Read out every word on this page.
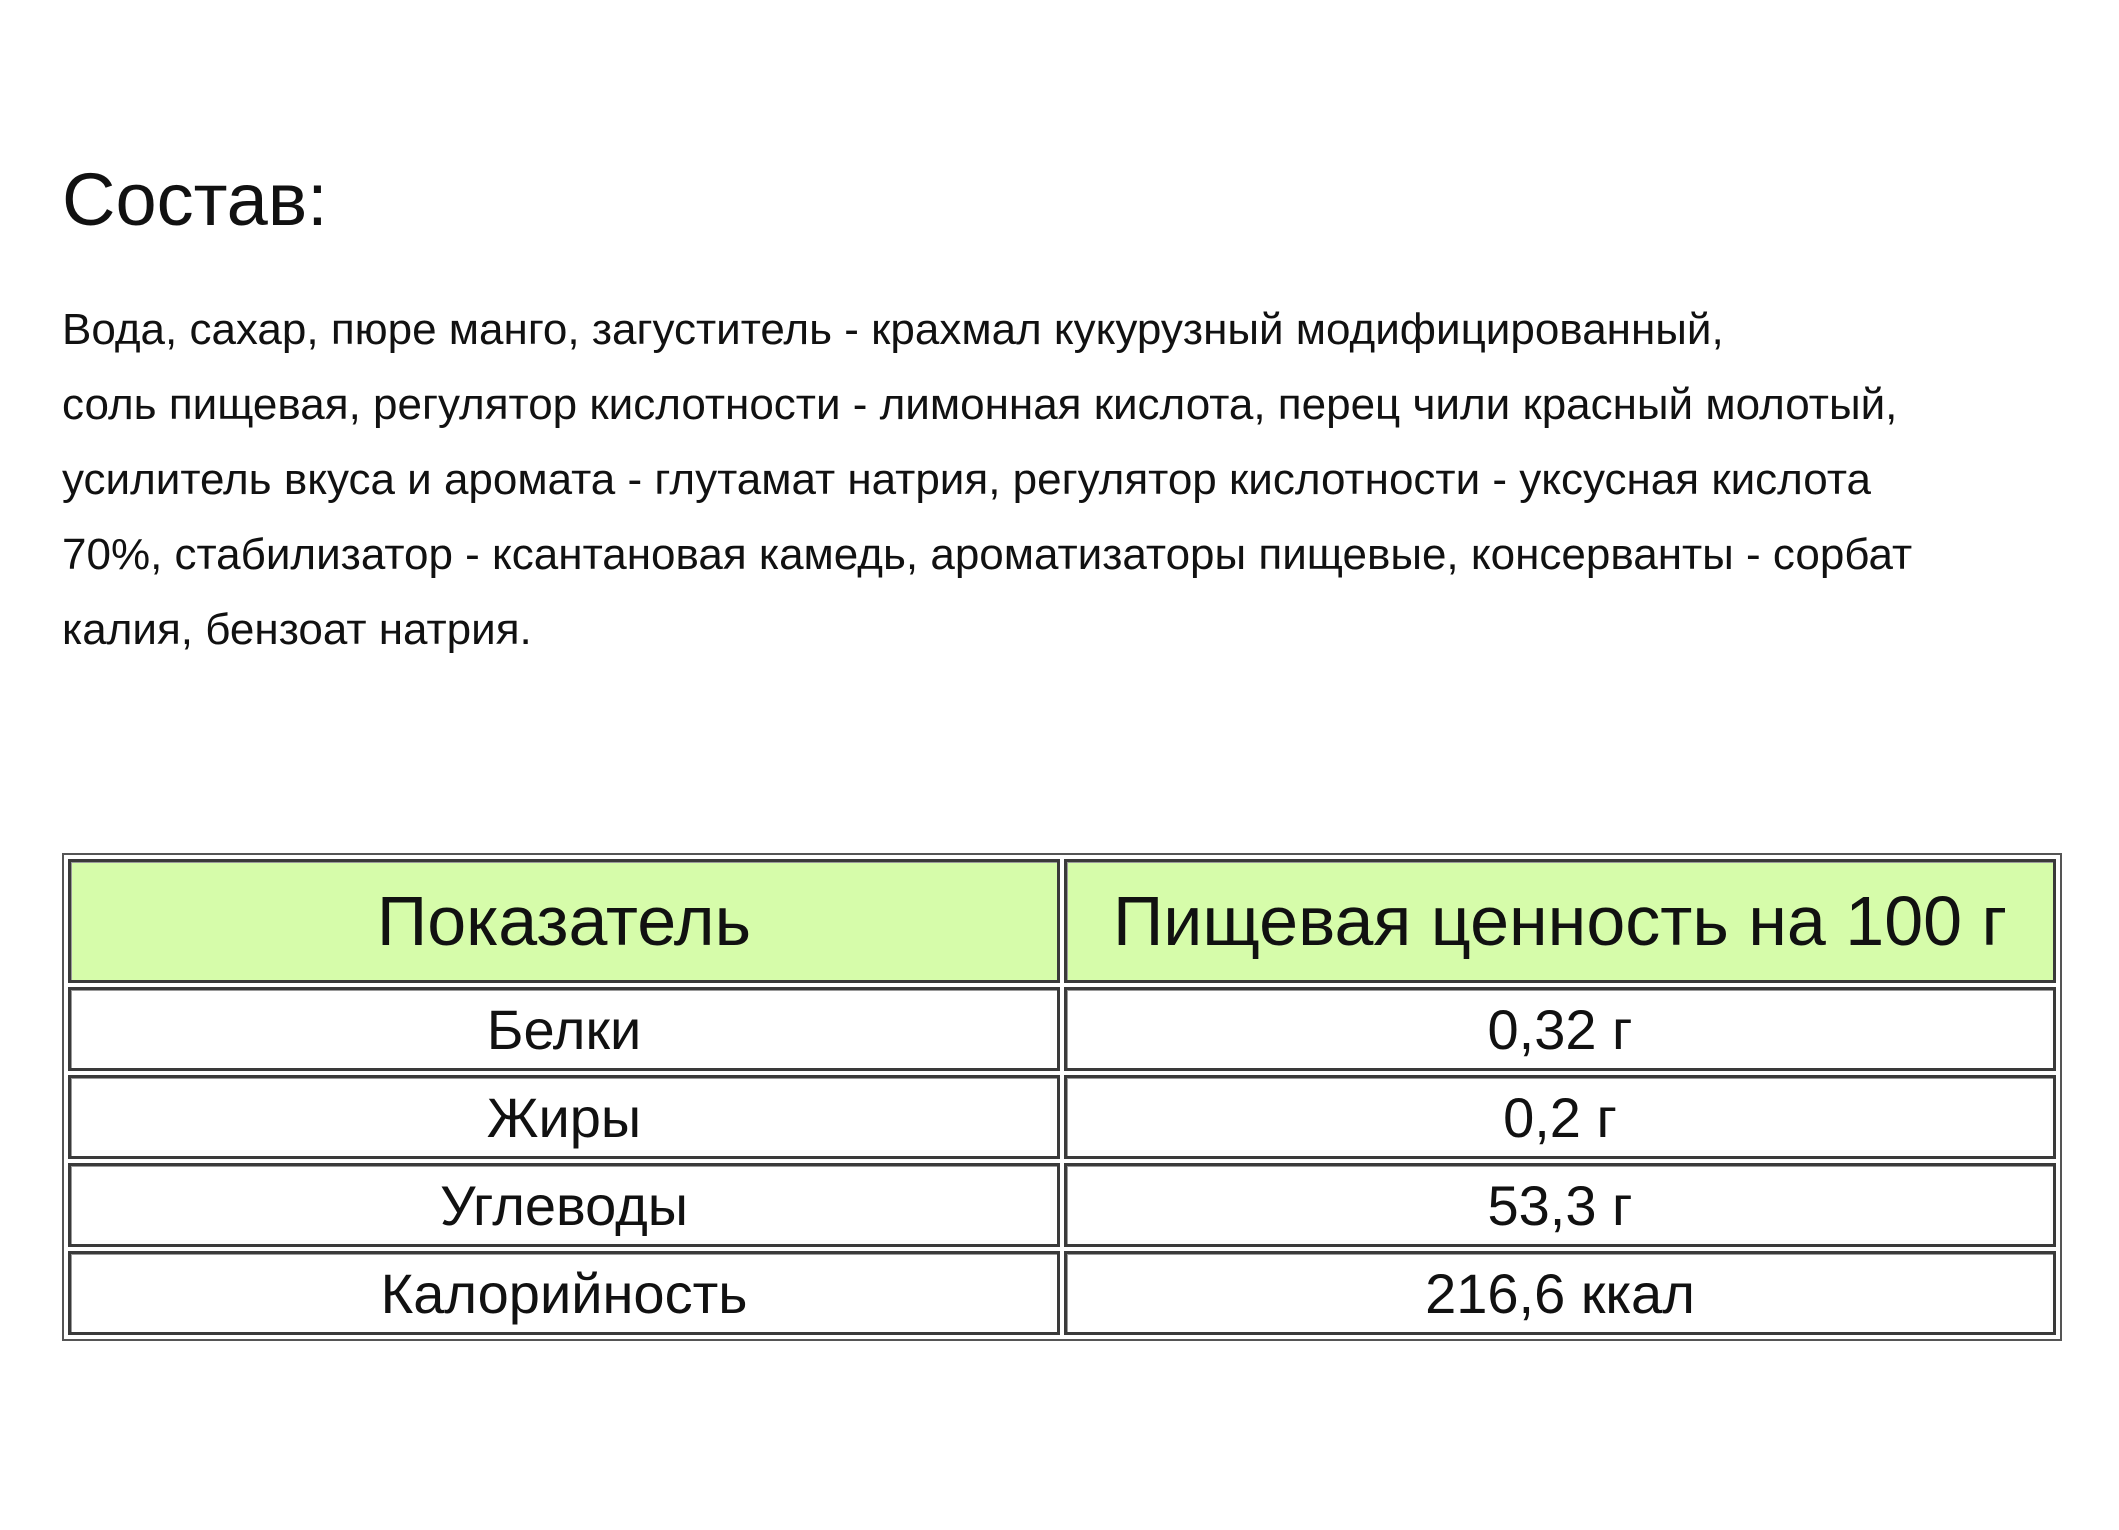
Состав:
Вода, сахар, пюре манго, загуститель - крахмал кукурузный модифицированный,
соль пищевая, регулятор кислотности - лимонная кислота, перец чили красный молотый,
усилитель вкуса и аромата - глутамат натрия, регулятор кислотности - уксусная кислота
70%, стабилизатор - ксантановая камедь, ароматизаторы пищевые, консерванты - сорбат
калия, бензоат натрия.
Показатель	Пищевая ценность на 100 г
Белки	0,32 г
Жиры	0,2 г
Углеводы	53,3 г
Калорийность	216,6 ккал
